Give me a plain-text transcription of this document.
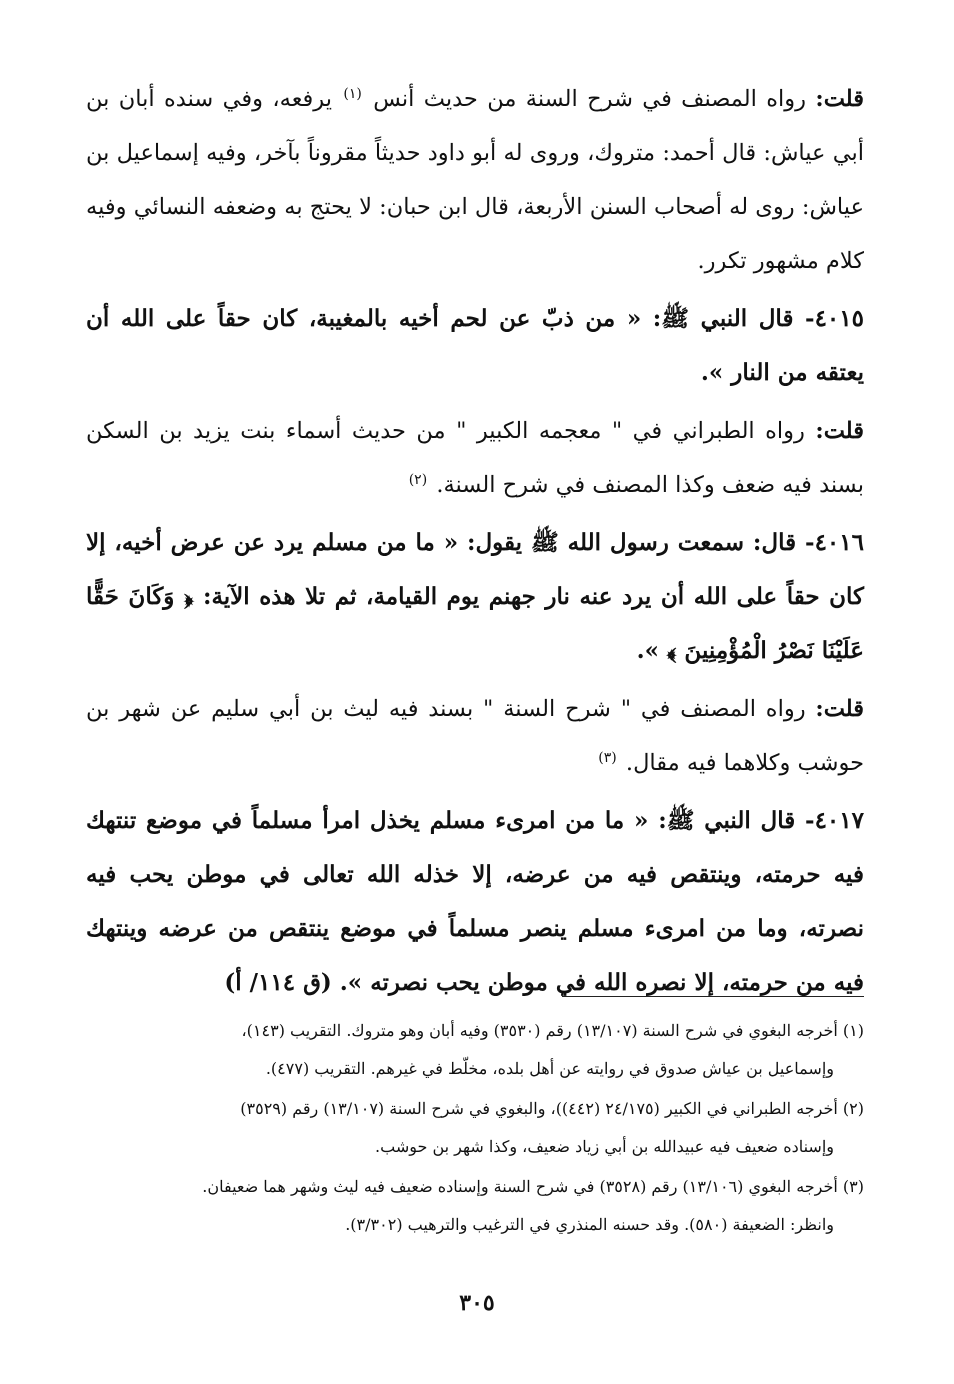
قلت: رواه المصنف في شرح السنة من حديث أنس $^{(١)}$ يرفعه، وفي سنده أبان بن أبي عياش: قال أحمد: متروك، وروى له أبو داود حديثاً مقروناً بآخر، وفيه إسماعيل بن عياش: روى له أصحاب السنن الأربعة، قال ابن حبان: لا يحتج به وضعفه النسائي وفيه كلام مشهور تكرر.

٤٠١٥- قال النبي ﷺ: « من ذبّ عن لحم أخيه بالمغيبة، كان حقاً على الله أن يعتقه من النار ».

قلت: رواه الطبراني في " معجمه الكبير " من حديث أسماء بنت يزيد بن السكن بسند فيه ضعف وكذا المصنف في شرح السنة. $^{(٢)}$

٤٠١٦- قال: سمعت رسول الله ﷺ يقول: « ما من مسلم يرد عن عرض أخيه، إلا كان حقاً على الله أن يرد عنه نار جهنم يوم القيامة، ثم تلا هذه الآية: ﴿ وَكَانَ حَقًّا عَلَيْنَا نَصْرُ الْمُؤْمِنِينَ ﴾ ».

قلت: رواه المصنف في " شرح السنة " بسند فيه ليث بن أبي سليم عن شهر بن حوشب وكلاهما فيه مقال. $^{(٣)}$

٤٠١٧- قال النبي ﷺ: « ما من امرىء مسلم يخذل امرأ مسلماً في موضع تنتهك فيه حرمته، وينتقص فيه من عرضه، إلا خذله الله تعالى في موطن يحب فيه نصرته، وما من امرىء مسلم ينصر مسلماً في موضع ينتقص من عرضه وينتهك فيه من حرمته، إلا نصره الله في موطن يحب نصرته ». (ق ١١٤/ أ)

(١) أخرجه البغوي في شرح السنة (١٣/١٠٧) رقم (٣٥٣٠) وفيه أبان وهو متروك. التقريب (١٤٣)،
وإسماعيل بن عياش صدوق في روايته عن أهل بلده، مخلّط في غيرهم. التقريب (٤٧٧).

(٢) أخرجه الطبراني في الكبير (٢٤/١٧٥ (٤٤٢))، والبغوي في شرح السنة (١٣/١٠٧) رقم (٣٥٢٩)
وإسناده ضعيف فيه عبيدالله بن أبي زياد ضعيف، وكذا شهر بن حوشب.

(٣) أخرجه البغوي (١٣/١٠٦) رقم (٣٥٢٨) في شرح السنة وإسناده ضعيف فيه ليث وشهر هما ضعيفان.
وانظر: الضعيفة (٥٨٠). وقد حسنه المنذري في الترغيب والترهيب (٣/٣٠٢).

٣٠٥
